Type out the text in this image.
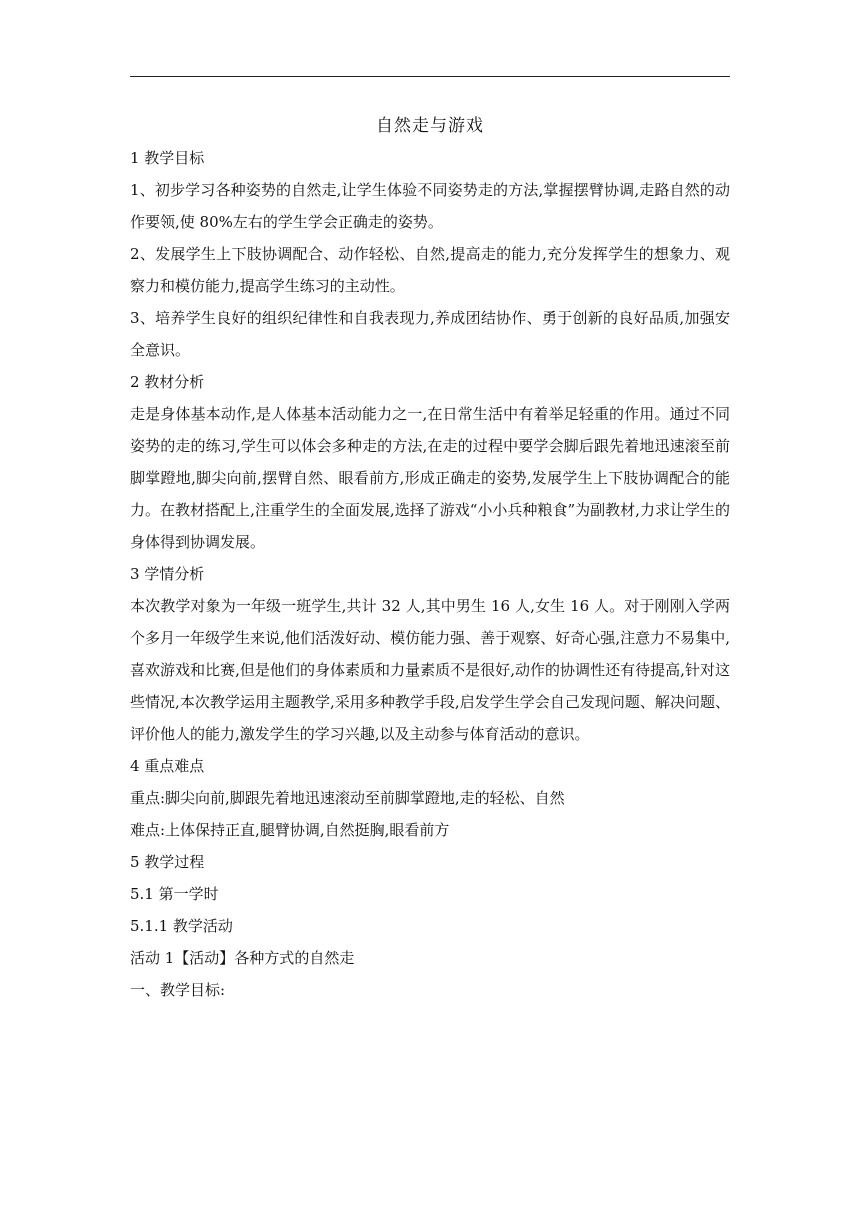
自然走与游戏

1 教学目标

1、初步学习各种姿势的自然走,让学生体验不同姿势走的方法,掌握摆臂协调,走路自然的动作要领,使 80%左右的学生学会正确走的姿势。

2、发展学生上下肢协调配合、动作轻松、自然,提高走的能力,充分发挥学生的想象力、观察力和模仿能力,提高学生练习的主动性。

3、培养学生良好的组织纪律性和自我表现力,养成团结协作、勇于创新的良好品质,加强安全意识。

2 教材分析

走是身体基本动作,是人体基本活动能力之一,在日常生活中有着举足轻重的作用。通过不同姿势的走的练习,学生可以体会多种走的方法,在走的过程中要学会脚后跟先着地迅速滚至前脚掌蹬地,脚尖向前,摆臂自然、眼看前方,形成正确走的姿势,发展学生上下肢协调配合的能力。在教材搭配上,注重学生的全面发展,选择了游戏“小小兵种粮食”为副教材,力求让学生的身体得到协调发展。

3 学情分析

本次教学对象为一年级一班学生,共计 32 人,其中男生 16 人,女生 16 人。对于刚刚入学两个多月一年级学生来说,他们活泼好动、模仿能力强、善于观察、好奇心强,注意力不易集中,喜欢游戏和比赛,但是他们的身体素质和力量素质不是很好,动作的协调性还有待提高,针对这些情况,本次教学运用主题教学,采用多种教学手段,启发学生学会自己发现问题、解决问题、评价他人的能力,激发学生的学习兴趣,以及主动参与体育活动的意识。

4 重点难点

重点:脚尖向前,脚跟先着地迅速滚动至前脚掌蹬地,走的轻松、自然

难点:上体保持正直,腿臂协调,自然挺胸,眼看前方

5 教学过程

5.1 第一学时

5.1.1 教学活动

活动 1【活动】各种方式的自然走

一、教学目标:
